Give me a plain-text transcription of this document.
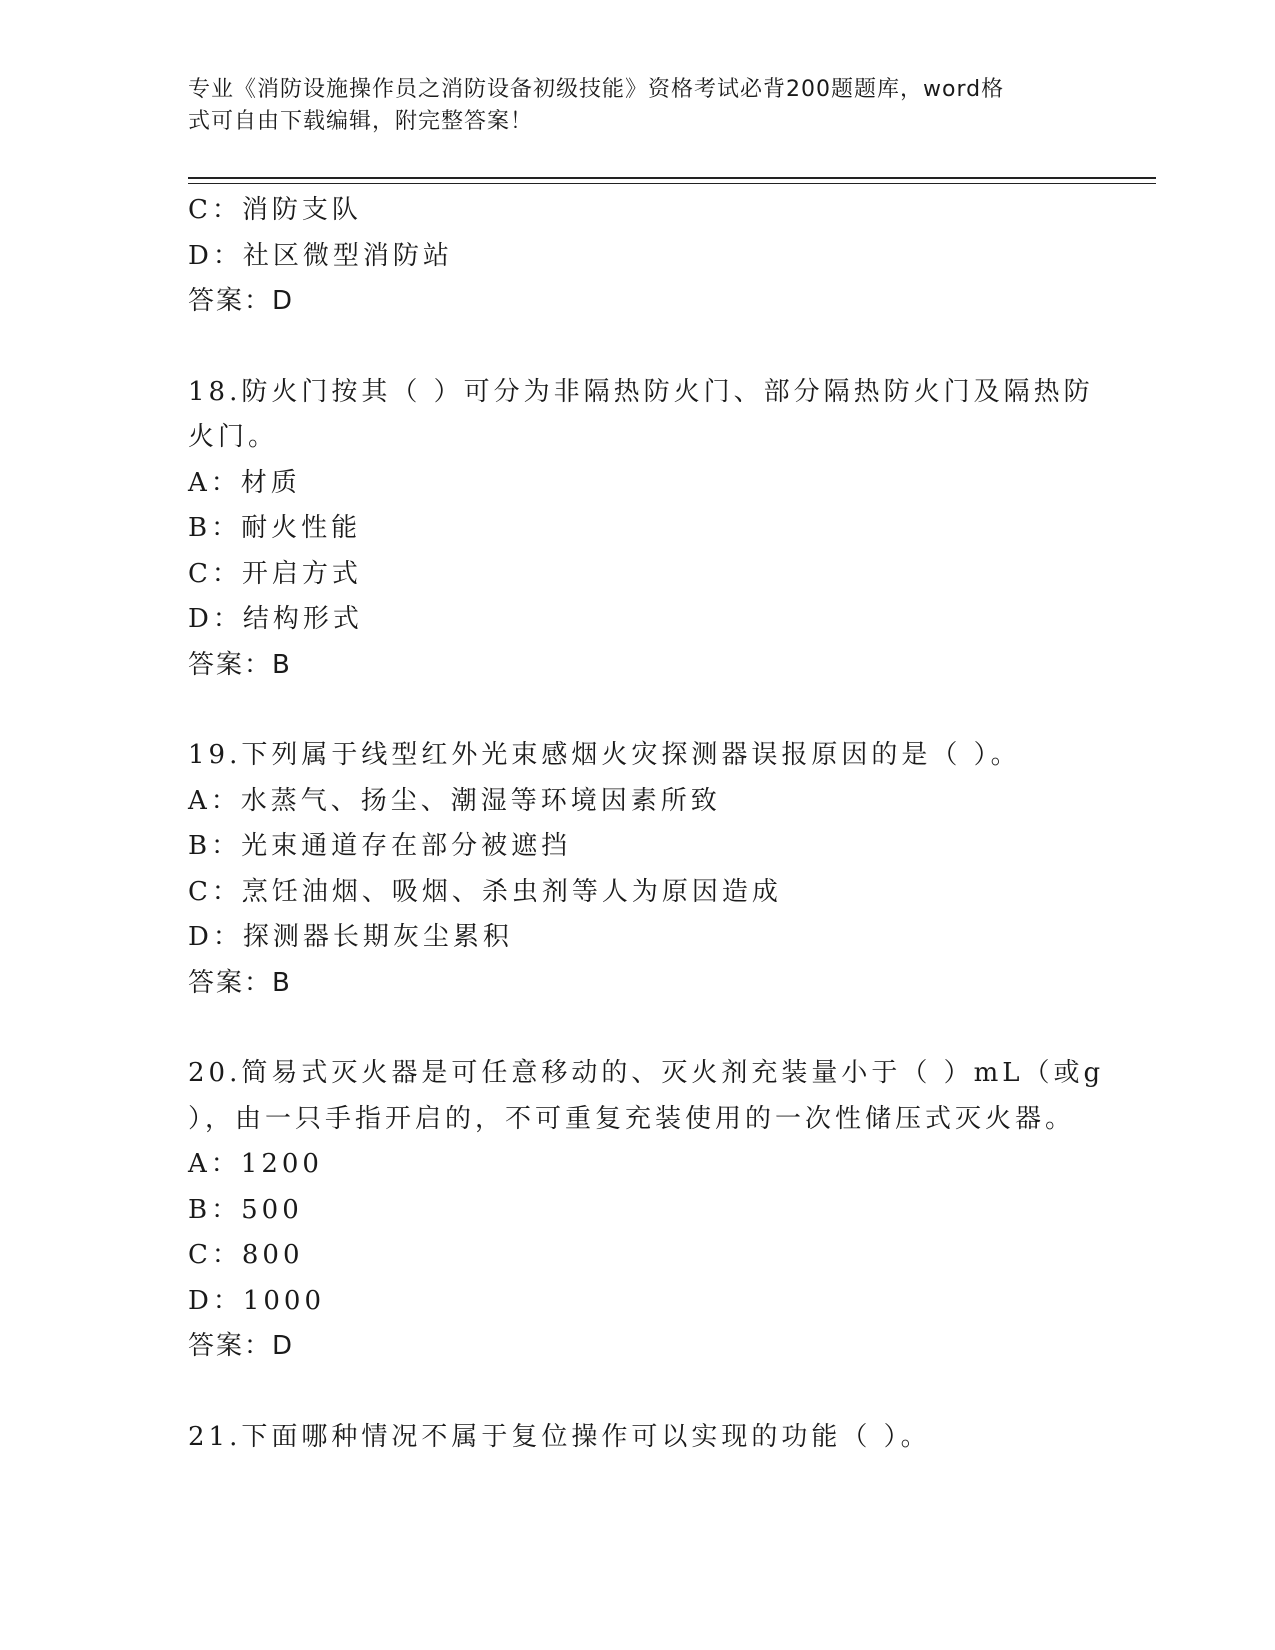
专业《消防设施操作员之消防设备初级技能》资格考试必背200题题库，word格
式可自由下载编辑，附完整答案！
C：消防支队
D：社区微型消防站
答案：D
18.防火门按其（ ）可分为非隔热防火门、部分隔热防火门及隔热防
火门。
A：材质
B：耐火性能
C：开启方式
D：结构形式
答案：B
19.下列属于线型红外光束感烟火灾探测器误报原因的是（ ）。
A：水蒸气、扬尘、潮湿等环境因素所致
B：光束通道存在部分被遮挡
C：烹饪油烟、吸烟、杀虫剂等人为原因造成
D：探测器长期灰尘累积
答案：B
20.简易式灭火器是可任意移动的、灭火剂充装量小于（ ）mL（或g
），由一只手指开启的，不可重复充装使用的一次性储压式灭火器。
A：1200
B：500
C：800
D：1000
答案：D
21.下面哪种情况不属于复位操作可以实现的功能（ ）。
